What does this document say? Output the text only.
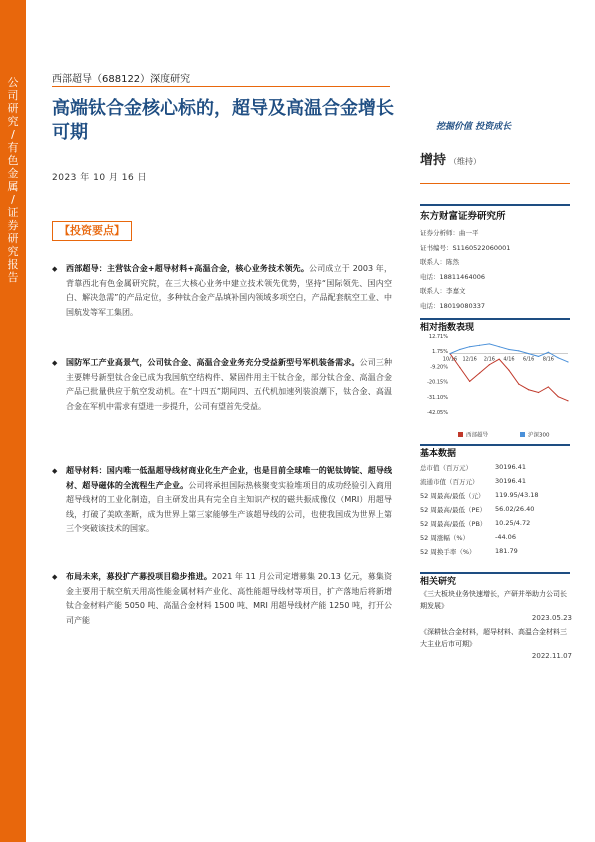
公
司
研
究
/
有
色
金
属
/
证
券
研
究
报
告
西部超导（688122）深度研究
高端钛合金核心标的，超导及高温合金增长可期	挖掘价值 投资成长
2023 年 10 月 16 日
增持 （维持）
东方财富证券研究所
证券分析师：曲一平
证书编号：S1160522060001
联系人：陈然
电话：18811464006
联系人：李嘉文
电话：18019080337
相对指数表现
12.71%
1.75%
-9.20%
-20.15%
-31.10%
-42.05%
10/16 12/16 2/16 4/16 6/16 8/16
西部超导	沪深300
基本数据
总市值（百万元）	30196.41
流通市值（百万元）	30196.41
52 周最高/最低（元）	119.95/43.18
52 周最高/最低（PE）	56.02/26.40
52 周最高/最低（PB）	10.25/4.72
52 周涨幅（%）	-44.06
52 周换手率（%）	181.79
相关研究
《三大板块业务快速增长，产研并举助力公司长期发展》
2023.05.23
《深耕钛合金材料，超导材料、高温合金材料三大主业后市可期》
2022.11.07
【投资要点】
◆ 西部超导：主营钛合金+超导材料+高温合金，核心业务技术领先。公司成立于 2003 年，背靠西北有色金属研究院，在三大核心业务中建立技术领先优势，坚持“国际领先、国内空白、解决急需”的产品定位，多种钛合金产品填补国内领域多项空白，产品配套航空工业、中国航发等军工集团。
◆ 国防军工产业高景气，公司钛合金、高温合金业务充分受益新型号军机装备需求。公司三种主要牌号新型钛合金已成为我国航空结构件、紧固件用主干钛合金，部分钛合金、高温合金产品已批量供应于航空发动机。在“十四五”期间四、五代机加速列装浪潮下，钛合金、高温合金在军机中需求有望进一步提升，公司有望首先受益。
◆ 超导材料：国内唯一低温超导线材商业化生产企业，也是目前全球唯一的铌钛铸锭、超导线材、超导磁体的全流程生产企业。公司将承担国际热核聚变实验堆项目的成功经验引入商用超导线材的工业化制造，自主研发出具有完全自主知识产权的磁共振成像仪（MRI）用超导线，打破了美欧垄断，成为世界上第三家能够生产该超导线的公司，也使我国成为世界上第三个突破该技术的国家。
◆ 布局未来，募投扩产募投项目稳步推进。2021 年 11 月公司定增募集 20.13 亿元，募集资金主要用于航空航天用高性能金属材料产业化、高性能超导线材等项目，扩产落地后将新增钛合金材料产能 5050 吨、高温合金材料 1500 吨、MRI 用超导线材产能 1250 吨，打开公司产能
